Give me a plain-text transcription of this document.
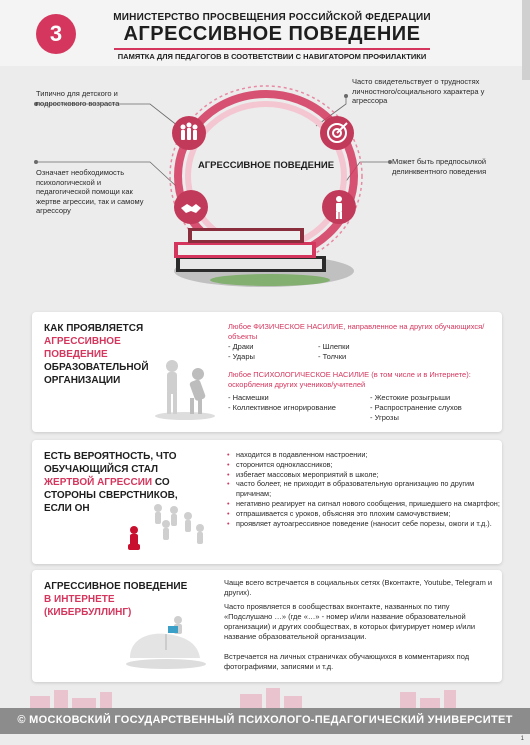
3
МИНИСТЕРСТВО ПРОСВЕЩЕНИЯ РОССИЙСКОЙ ФЕДЕРАЦИИ
АГРЕССИВНОЕ ПОВЕДЕНИЕ
ПАМЯТКА ДЛЯ ПЕДАГОГОВ В СООТВЕТСТВИИ С НАВИГАТОРОМ ПРОФИЛАКТИКИ
АГРЕССИВНОЕ ПОВЕДЕНИЕ
Типично для детского и подросткового возраста
Часто свидетельствует о трудностях личностного/социального характера у агрессора
Означает необходимость психологической и педагогической помощи как жертве агрессии, так и самому агрессору
Может быть предпосылкой делинквентного поведения
КАК ПРОЯВЛЯЕТСЯ
АГРЕССИВНОЕ ПОВЕДЕНИЕ
ОБРАЗОВАТЕЛЬНОЙ ОРГАНИЗАЦИИ
Любое ФИЗИЧЕСКОЕ НАСИЛИЕ, направленное на других обучающихся/объекты
- Драки
- Удары
- Шлепки
- Толчки
Любое ПСИХОЛОГИЧЕСКОЕ НАСИЛИЕ (в том числе и в Интернете): оскорбления других учеников/учителей
- Насмешки
- Коллективное игнорирование
- Жестокие розыгрыши
- Распространение слухов
- Угрозы
ЕСТЬ ВЕРОЯТНОСТЬ, ЧТО ОБУЧАЮЩИЙСЯ СТАЛ ЖЕРТВОЙ АГРЕССИИ СО СТОРОНЫ СВЕРСТНИКОВ, ЕСЛИ ОН
• находится в подавленном настроении;
• сторонится одноклассников;
• избегает массовых мероприятий в школе;
• часто болеет, не приходит в образовательную организацию по другим причинам;
• негативно реагирует на сигнал нового сообщения, пришедшего на смартфон;
• отпрашивается с уроков, объясняя это плохим самочувствием;
• проявляет аутоагрессивное поведение (наносит себе порезы, ожоги и т.д.).
АГРЕССИВНОЕ ПОВЕДЕНИЕ
В ИНТЕРНЕТЕ (КИБЕРБУЛЛИНГ)
Чаще всего встречается в социальных сетях (Вконтакте, Youtube, Telegram и других).
Часто проявляется в сообществах вконтакте, названных по типу «Подслушано …» (где «…» - номер и/или название образовательной организации) и других сообществах, в которых фигурирует номер и/или название образовательной организации.
Встречается на личных страничках обучающихся в комментариях под фотографиями, записями и т.д.
© МОСКОВСКИЙ ГОСУДАРСТВЕННЫЙ ПСИХОЛОГО-ПЕДАГОГИЧЕСКИЙ УНИВЕРСИТЕТ
1
